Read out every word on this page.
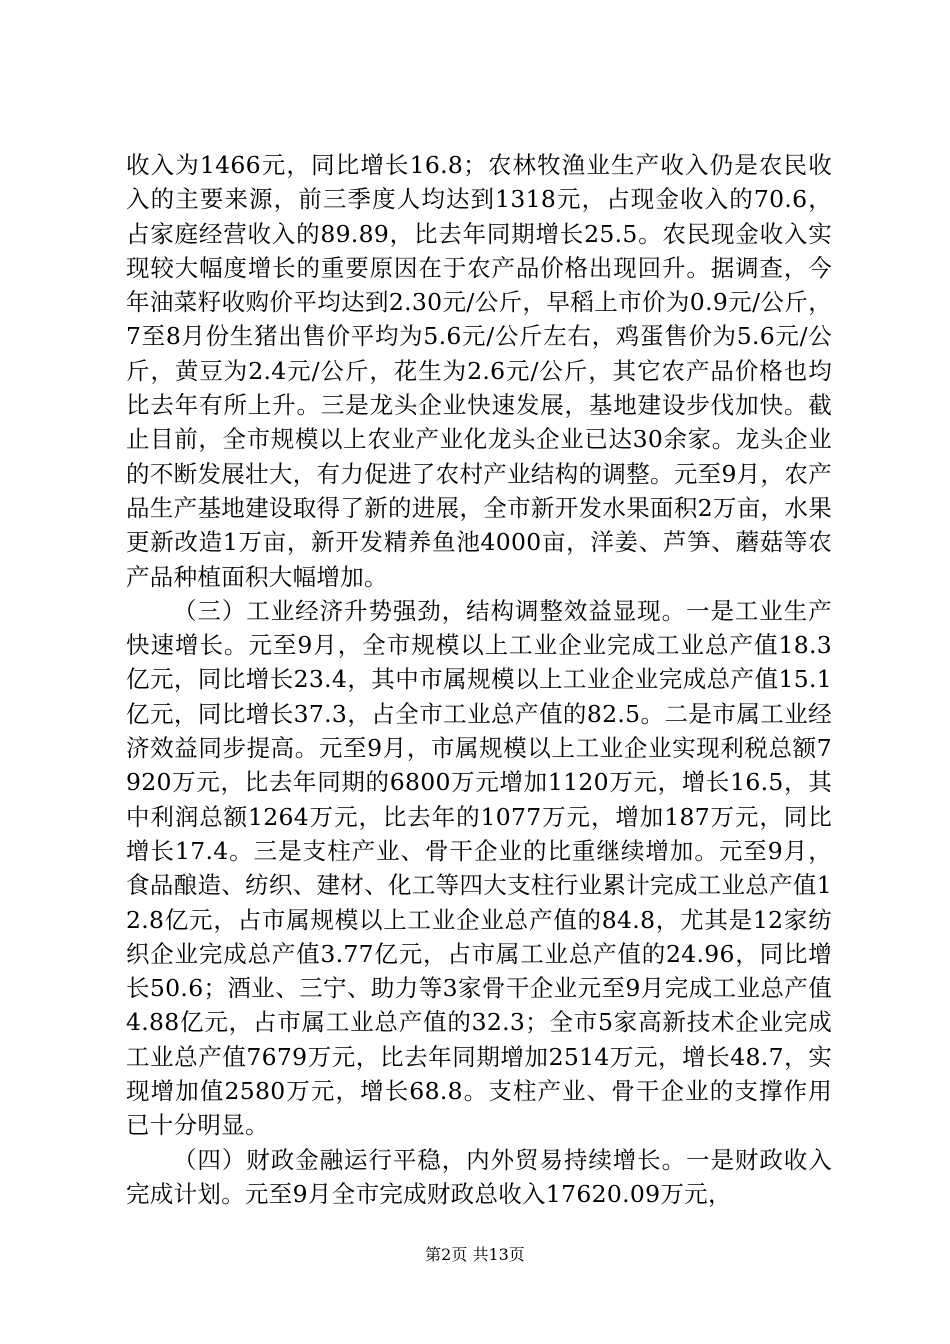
收入为1466元，同比增长16.8；农林牧渔业生产收入仍是农民收入的主要来源，前三季度人均达到1318元，占现金收入的70.6，占家庭经营收入的89.89，比去年同期增长25.5。农民现金收入实现较大幅度增长的重要原因在于农产品价格出现回升。据调查，今年油菜籽收购价平均达到2.30元/公斤，早稻上市价为0.9元/公斤，7至8月份生猪出售价平均为5.6元/公斤左右，鸡蛋售价为5.6元/公斤，黄豆为2.4元/公斤，花生为2.6元/公斤，其它农产品价格也均比去年有所上升。三是龙头企业快速发展，基地建设步伐加快。截止目前，全市规模以上农业产业化龙头企业已达30余家。龙头企业的不断发展壮大，有力促进了农村产业结构的调整。元至9月，农产品生产基地建设取得了新的进展，全市新开发水果面积2万亩，水果更新改造1万亩，新开发精养鱼池4000亩，洋姜、芦笋、蘑菇等农产品种植面积大幅增加。

（三）工业经济升势强劲，结构调整效益显现。一是工业生产快速增长。元至9月，全市规模以上工业企业完成工业总产值18.3亿元，同比增长23.4，其中市属规模以上工业企业完成总产值15.1亿元，同比增长37.3，占全市工业总产值的82.5。二是市属工业经济效益同步提高。元至9月，市属规模以上工业企业实现利税总额7920万元，比去年同期的6800万元增加1120万元，增长16.5，其中利润总额1264万元，比去年的1077万元，增加187万元，同比增长17.4。三是支柱产业、骨干企业的比重继续增加。元至9月，食品酿造、纺织、建材、化工等四大支柱行业累计完成工业总产值12.8亿元，占市属规模以上工业企业总产值的84.8，尤其是12家纺织企业完成总产值3.77亿元，占市属工业总产值的24.96，同比增长50.6；酒业、三宁、助力等3家骨干企业元至9月完成工业总产值4.88亿元，占市属工业总产值的32.3；全市5家高新技术企业完成工业总产值7679万元，比去年同期增加2514万元，增长48.7，实现增加值2580万元，增长68.8。支柱产业、骨干企业的支撑作用已十分明显。

（四）财政金融运行平稳，内外贸易持续增长。一是财政收入完成计划。元至9月全市完成财政总收入17620.09万元，

第2页 共13页
